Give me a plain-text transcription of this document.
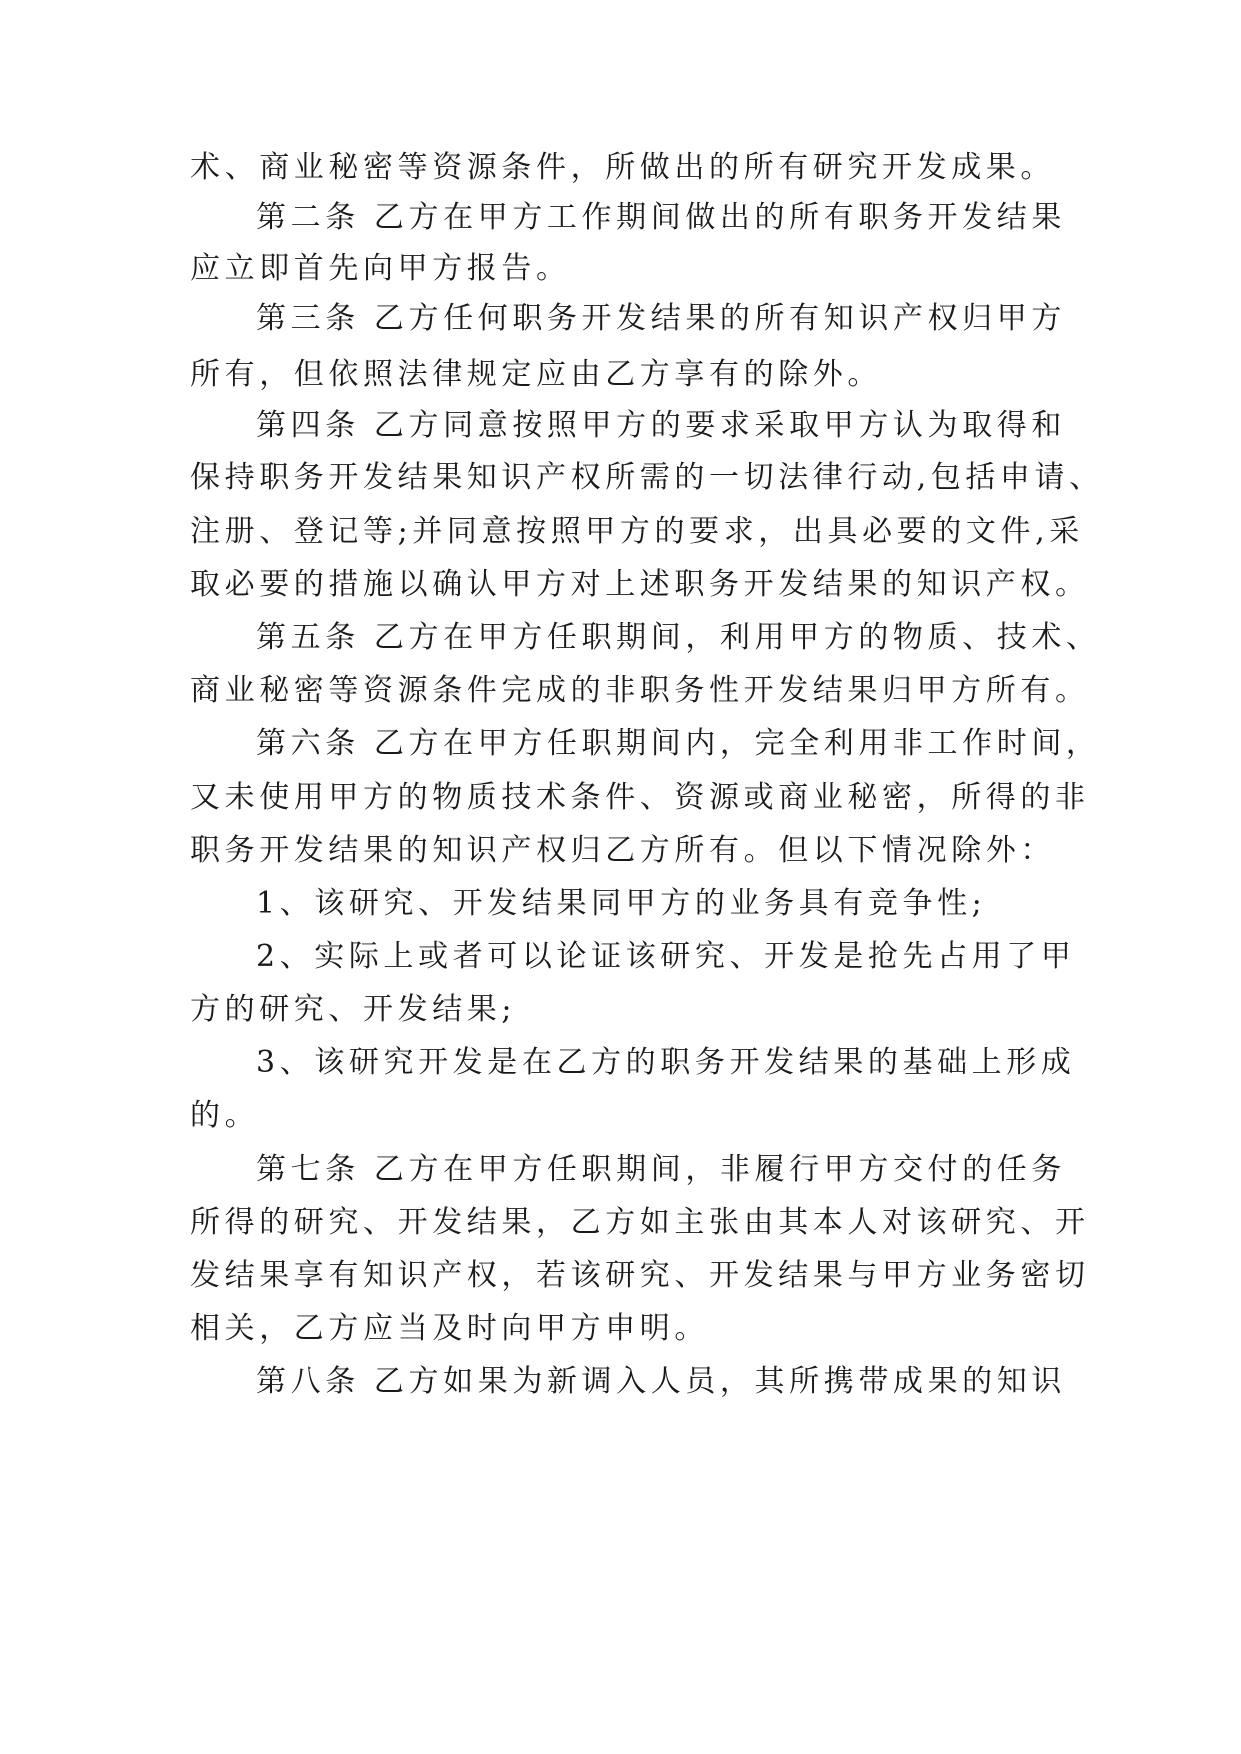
术、商业秘密等资源条件，所做出的所有研究开发成果。
第二条 乙方在甲方工作期间做出的所有职务开发结果
应立即首先向甲方报告。
第三条 乙方任何职务开发结果的所有知识产权归甲方
所有，但依照法律规定应由乙方享有的除外。
第四条 乙方同意按照甲方的要求采取甲方认为取得和
保持职务开发结果知识产权所需的一切法律行动,包括申请、
注册、登记等;并同意按照甲方的要求，出具必要的文件,采
取必要的措施以确认甲方对上述职务开发结果的知识产权。
第五条 乙方在甲方任职期间，利用甲方的物质、技术、
商业秘密等资源条件完成的非职务性开发结果归甲方所有。
第六条 乙方在甲方任职期间内，完全利用非工作时间，
又未使用甲方的物质技术条件、资源或商业秘密，所得的非
职务开发结果的知识产权归乙方所有。但以下情况除外：
1、该研究、开发结果同甲方的业务具有竞争性;
2、实际上或者可以论证该研究、开发是抢先占用了甲
方的研究、开发结果;
3、该研究开发是在乙方的职务开发结果的基础上形成
的。
第七条 乙方在甲方任职期间，非履行甲方交付的任务
所得的研究、开发结果，乙方如主张由其本人对该研究、开
发结果享有知识产权，若该研究、开发结果与甲方业务密切
相关，乙方应当及时向甲方申明。
第八条 乙方如果为新调入人员，其所携带成果的知识
